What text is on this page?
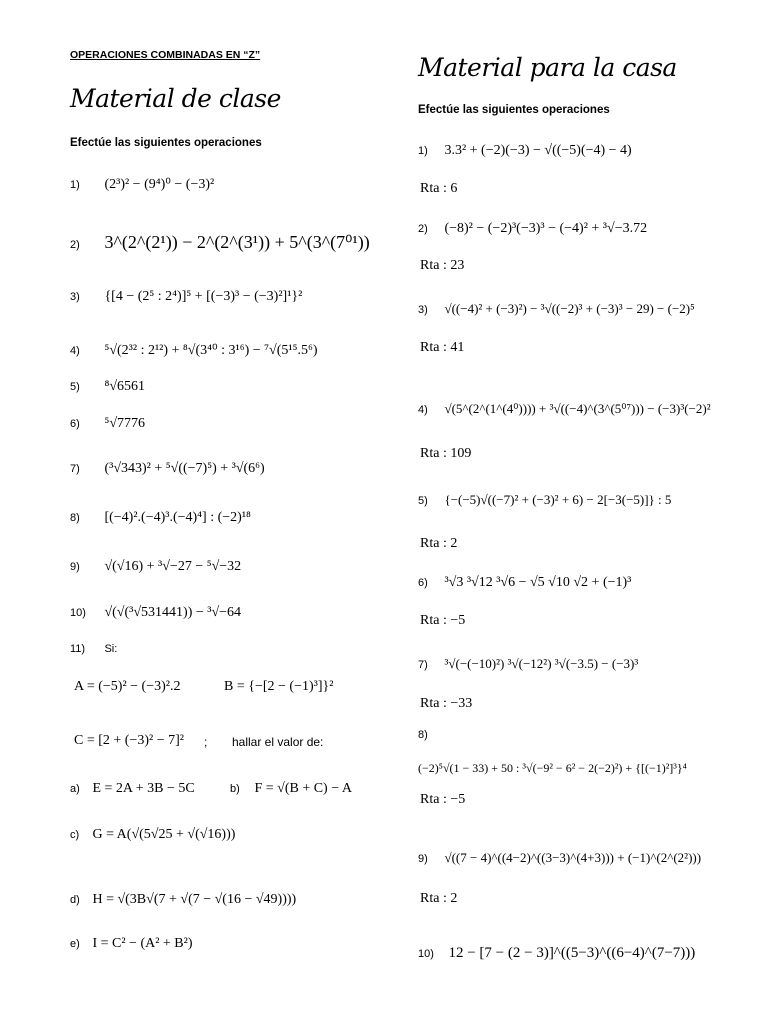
OPERACIONES COMBINADAS EN “Z”
Material de clase
Efectúe las siguientes operaciones
1) (2³)² − (9⁴)⁰ − (−3)²
2) 3^(2^(2¹)) − 2^(2^(3¹)) + 5^(3^(7⁰¹))
3) {[4 − (2⁵ : 2⁴)]⁵ + [(−3)³ − (−3)²]¹}²
4) ⁵√(2³² : 2¹²) + ⁸√(3⁴⁰ : 3¹⁶) − ⁷√(5¹⁵.5⁶)
5) ⁸√6561
6) ⁵√7776
7) (³√343)² + ⁵√((−7)⁵) + ³√(6⁶)
8) [(−4)².(−4)³.(−4)⁴] : (−2)¹⁸
9) √(√16) + ³√−27 − ⁵√−32
10) √(√(³√531441)) − ³√−64
11) Si:
A = (−5)² − (−3)².2	B = {−[2 − (−1)³]}²
C = [2 + (−3)² − 7]² ; hallar el valor de:
a) E = 2A + 3B − 5C	b) F = √(B + C) − A
c) G = A(√(5√25 + √(√16)))
d) H = √(3B√(7 + √(7 − √(16 − √49))))
e) I = C² − (A² + B²)
Material para la casa
Efectúe las siguientes operaciones
1) 3.3² + (−2)(−3) − √((−5)(−4) − 4)
Rta : 6
2) (−8)² − (−2)³(−3)³ − (−4)² + ³√−3.72
Rta : 23
3) √((−4)² + (−3)²) − ³√((−2)³ + (−3)³ − 29) − (−2)⁵
Rta : 41
4) √(5^(2^(1^(4⁰)))) + ³√((−4)^(3^(5⁰⁷))) − (−3)³(−2)²
Rta : 109
5) {−(−5)√((−7)² + (−3)² + 6) − 2[−3(−5)]} : 5
Rta : 2
6) ³√3 ³√12 ³√6 − √5 √10 √2 + (−1)³
Rta : −5
7) ³√(−(−10)²) ³√(−12²) ³√(−3.5) − (−3)³
Rta : −33
8)
(−2)⁵√(1 − 33) + 50 : ³√(−9² − 6² − 2(−2)²) + {[(−1)²]³}⁴
Rta : −5
9) √((7 − 4)^((4−2)^((3−3)^(4+3))) + (−1)^(2^(2²)))
Rta : 2
10) 12 − [7 − (2 − 3)]^((5−3)^((6−4)^(7−7)))
